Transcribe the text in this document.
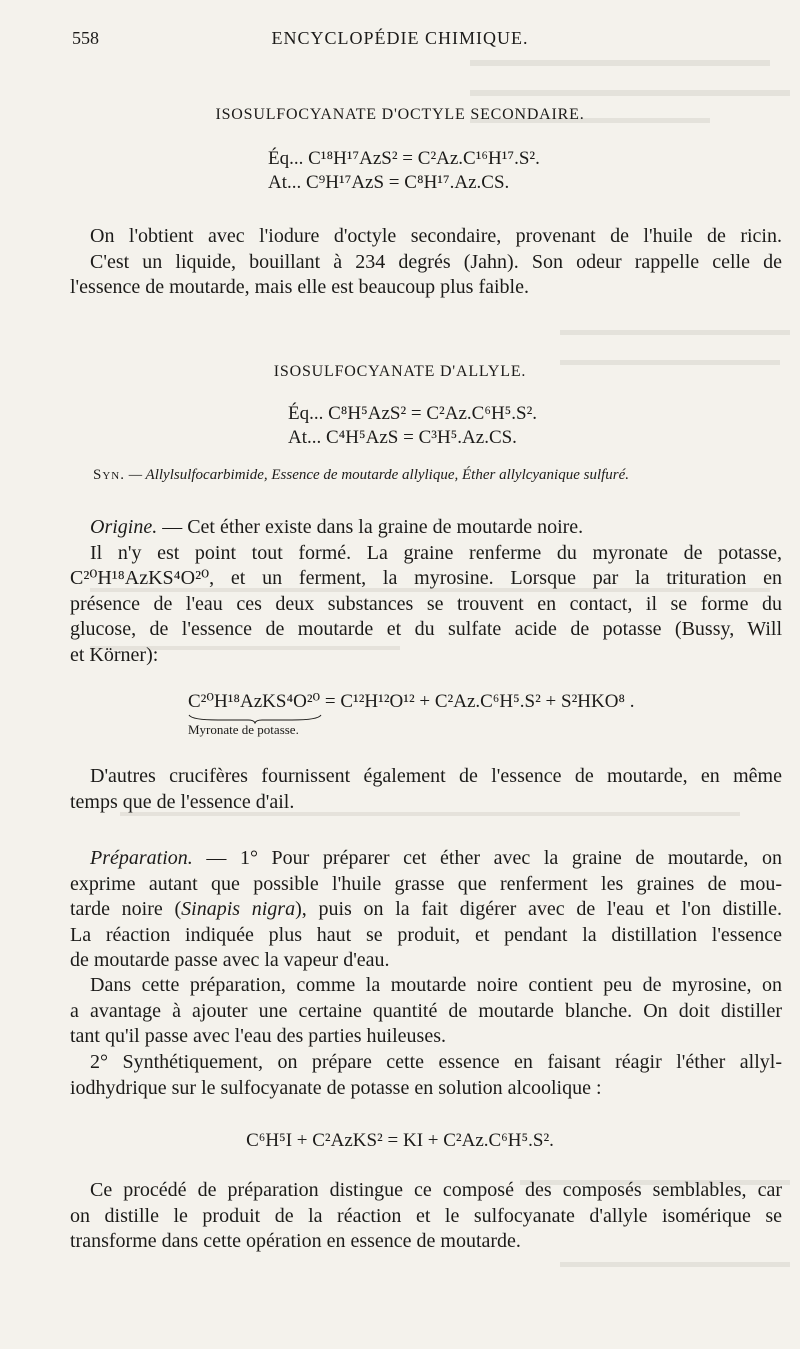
558	ENCYCLOPÉDIE CHIMIQUE.
ISOSULFOCYANATE D'OCTYLE SECONDAIRE.
Éq... C¹⁸H¹⁷AzS² = C²Az.C¹⁶H¹⁷.S².
At... C⁹H¹⁷AzS = C⁸H¹⁷.Az.CS.
On l'obtient avec l'iodure d'octyle secondaire, provenant de l'huile de ricin.
C'est un liquide, bouillant à 234 degrés (Jahn). Son odeur rappelle celle de
l'essence de moutarde, mais elle est beaucoup plus faible.
ISOSULFOCYANATE D'ALLYLE.
Éq... C⁸H⁵AzS² = C²Az.C⁶H⁵.S².
At... C⁴H⁵AzS = C³H⁵.Az.CS.
Syn. — Allylsulfocarbimide, Essence de moutarde allylique, Éther allylcyanique sulfuré.
Origine. — Cet éther existe dans la graine de moutarde noire.
Il n'y est point tout formé. La graine renferme du myronate de potasse,
C²⁰H¹⁸AzKS⁴O²⁰, et un ferment, la myrosine. Lorsque par la trituration en
présence de l'eau ces deux substances se trouvent en contact, il se forme du
glucose, de l'essence de moutarde et du sulfate acide de potasse (Bussy, Will
et Körner):
C²⁰H¹⁸AzKS⁴O²⁰ = C¹²H¹²O¹² + C²Az.C⁶H⁵.S² + S²HKO⁸ .
Myronate de potasse.
D'autres crucifères fournissent également de l'essence de moutarde, en même
temps que de l'essence d'ail.
Préparation. — 1° Pour préparer cet éther avec la graine de moutarde, on
exprime autant que possible l'huile grasse que renferment les graines de mou-
tarde noire (Sinapis nigra), puis on la fait digérer avec de l'eau et l'on distille.
La réaction indiquée plus haut se produit, et pendant la distillation l'essence
de moutarde passe avec la vapeur d'eau.
Dans cette préparation, comme la moutarde noire contient peu de myrosine, on
a avantage à ajouter une certaine quantité de moutarde blanche. On doit distiller
tant qu'il passe avec l'eau des parties huileuses.
2° Synthétiquement, on prépare cette essence en faisant réagir l'éther allyl-
iodhydrique sur le sulfocyanate de potasse en solution alcoolique :
C⁶H⁵I + C²AzKS² = KI + C²Az.C⁶H⁵.S².
Ce procédé de préparation distingue ce composé des composés semblables, car
on distille le produit de la réaction et le sulfocyanate d'allyle isomérique se
transforme dans cette opération en essence de moutarde.
